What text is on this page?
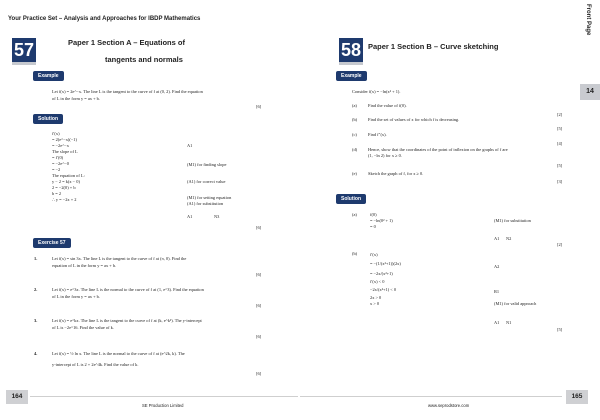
Your Practice Set – Analysis and Approaches for IBDP Mathematics	Front Page
57	Paper 1 Section A – Equations of
tangents and normals
Example
Let f(x) = 2e^−x. The line L is the tangent to the curve of f at (0, 2). Find the equation
of L in the form y = ax + b.
[6]
Solution
f′(x)
= 2(e^−x)(−1)
= −2e^−x
The slope of L
= f′(0)
= −2e^−0
= −2
The equation of L:
y − 2 = k(x − 0)
2 = −2(0) + b
b = 2
∴ y = −2x + 2
A1
(M1) for finding slope
(A1) for correct value
(M1) for setting equation
(A1) for substitution
A1	N3
[6]
Exercise 57
1.	Let f(x) = sin 3x. The line L is the tangent to the curve of f at (π, 0). Find the
equation of L in the form y = ax + b.
[6]
2.	Let f(x) = e^3x. The line L is the normal to the curve of f at (1, e^3). Find the equation
of L in the form y = ax + b.
[6]
3.	Let f(x) = e^kx. The line L is the tangent to the curve of f at (k, e^k²). The y-intercept
of L is −2e^16. Find the value of k.
[6]
4.	Let f(x) = ½ ln x. The line L is the normal to the curve of f at (e^2k, k). The
y-intercept of L is 2 + 2e^4k. Find the value of k.
[6]
164
SE Production Limited
58 Paper 1 Section B – Curve sketching
Example
Consider f(x) = −ln(x² + 1).
(a)	Find the value of f(0).
[2]
(b) Find the set of values of x for which f is decreasing.
[5]
(c)	Find f″(x).
[4]
(d) Hence, show that the coordinates of the point of inflexion on the graphs of f are
(1, −ln 2) for x ≥ 0.
[5]
(e)	Sketch the graph of f, for x ≥ 0.
[3]
Solution
(a)	f(0)
= −ln(0² + 1)
= 0
(M1) for substitution
A1      N2
[2]
(b)	f′(x)
= −(1/(x²+1))(2x)
= −2x/(x²+1)
f′(x) < 0
−2x/(x²+1) < 0
2x > 0
x > 0
A2
R1
(M1) for valid approach
A1      N1
[5]
14
165
www.seprodstore.com
